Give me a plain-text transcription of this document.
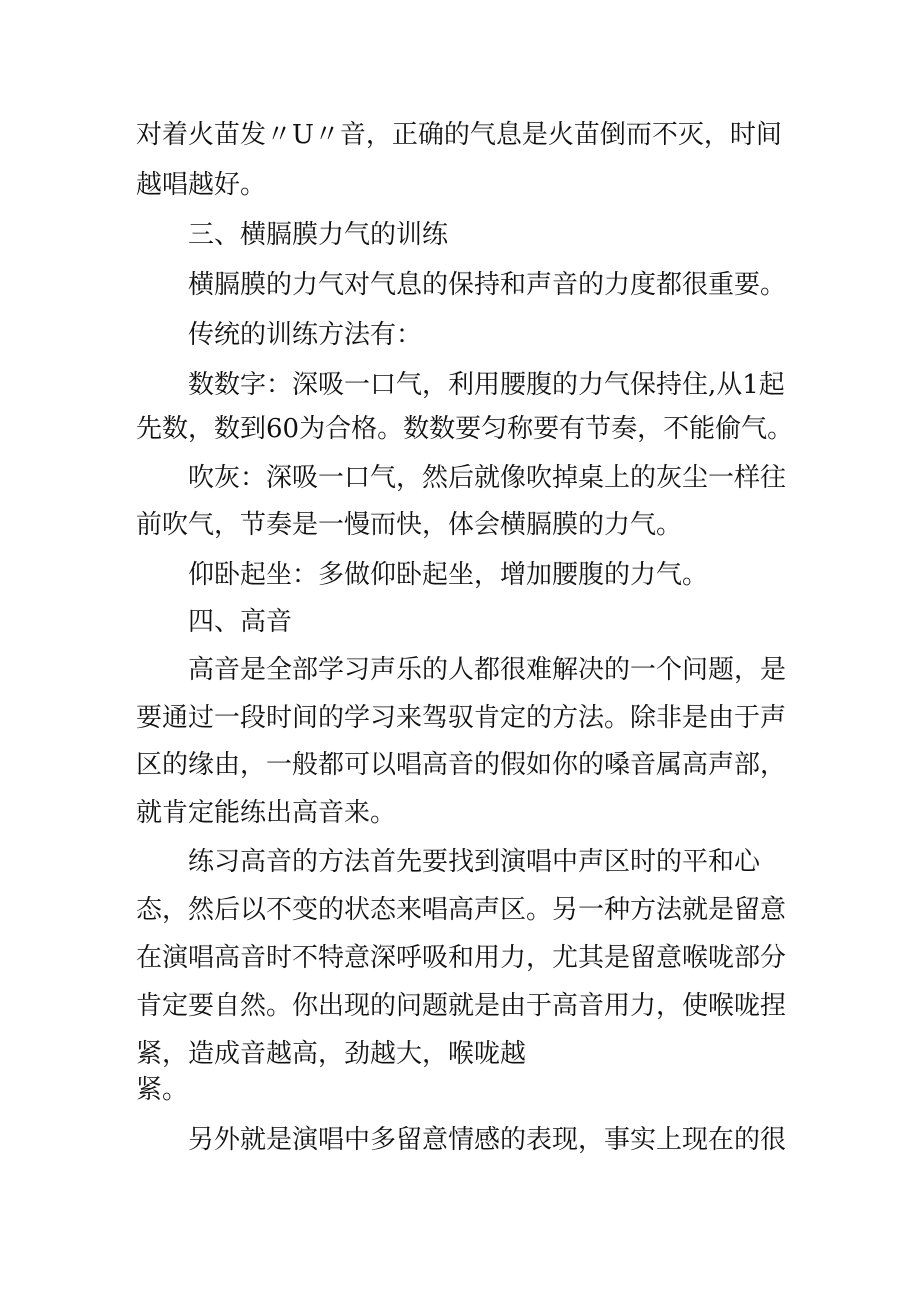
对着火苗发〃U〃音，正确的气息是火苗倒而不灭，时间
越唱越好。
三、横膈膜力气的训练
横膈膜的力气对气息的保持和声音的力度都很重要。
传统的训练方法有：
数数字：深吸一口气，利用腰腹的力气保持住,从1起
先数，数到60为合格。数数要匀称要有节奏，不能偷气。
吹灰：深吸一口气，然后就像吹掉桌上的灰尘一样往
前吹气，节奏是一慢而快，体会横膈膜的力气。
仰卧起坐：多做仰卧起坐，增加腰腹的力气。
四、高音
高音是全部学习声乐的人都很难解决的一个问题，是
要通过一段时间的学习来驾驭肯定的方法。除非是由于声
区的缘由，一般都可以唱高音的假如你的嗓音属高声部，
就肯定能练出高音来。
练习高音的方法首先要找到演唱中声区时的平和心
态，然后以不变的状态来唱高声区。另一种方法就是留意
在演唱高音时不特意深呼吸和用力，尤其是留意喉咙部分
肯定要自然。你出现的问题就是由于高音用力，使喉咙捏
紧，造成音越高，劲越大，喉咙越
紧。
另外就是演唱中多留意情感的表现，事实上现在的很
